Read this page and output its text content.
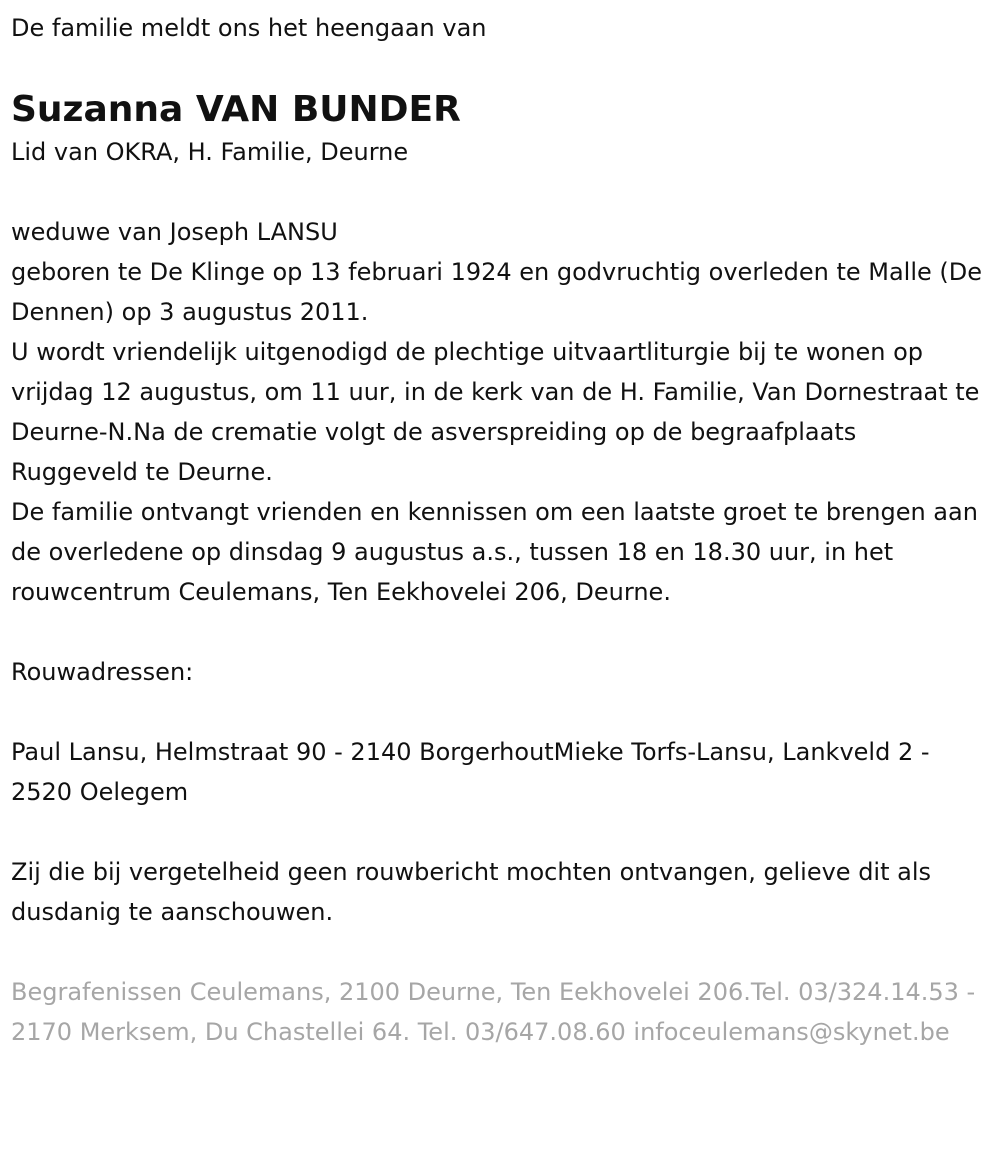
De familie meldt ons het heengaan van
Suzanna VAN BUNDER
Lid van OKRA, H. Familie, Deurne
weduwe van Joseph LANSU
geboren te De Klinge op 13 februari 1924 en godvruchtig overleden te Malle (De Dennen) op 3 augustus 2011.
U wordt vriendelijk uitgenodigd de plechtige uitvaartliturgie bij te wonen op vrijdag 12 augustus, om 11 uur, in de kerk van de H. Familie, Van Dornestraat te Deurne-N.Na de crematie volgt de asverspreiding op de begraafplaats
Ruggeveld te Deurne.
De familie ontvangt vrienden en kennissen om een laatste groet te brengen aan de overledene op dinsdag 9 augustus a.s., tussen 18 en 18.30 uur, in het rouwcentrum Ceulemans, Ten Eekhovelei 206, Deurne.
Rouwadressen:
Paul Lansu, Helmstraat 90 - 2140 BorgerhoutMieke Torfs-Lansu, Lankveld 2 - 2520 Oelegem
Zij die bij vergetelheid geen rouwbericht mochten ontvangen, gelieve dit als dusdanig te aanschouwen.
Begrafenissen Ceulemans, 2100 Deurne, Ten Eekhovelei 206.Tel. 03/324.14.53 - 2170 Merksem, Du Chastellei 64. Tel. 03/647.08.60 infoceulemans@skynet.be
